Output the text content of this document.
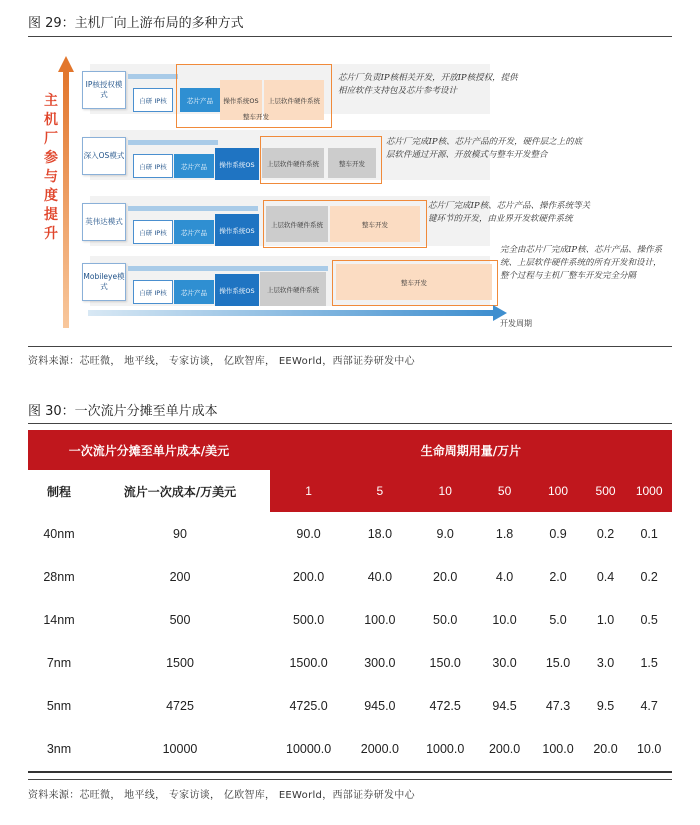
图 29：主机厂向上游布局的多种方式
主机厂参与度提升
IP核授权模式
自研 IP核	芯片产品	操作系统OS	上层软件硬件系统
整车开发
芯片厂负责IP核相关开发，开放IP核授权，提供相应软件支持包及芯片参考设计
深入OS模式
自研 IP核	芯片产品	操作系统OS	上层软件硬件系统	整车开发
芯片厂完成IP核、芯片产品的开发，硬件层之上的底层软件通过开源、开放模式与整车开发整合
英伟达模式
自研 IP核	芯片产品	操作系统OS
上层软件硬件系统	整车开发
芯片厂完成IP核、芯片产品、操作系统等关键环节的开发，由业界开发软硬件系统
Mobileye模式
自研 IP核	芯片产品	操作系统OS	上层软件硬件系统
整车开发
完全由芯片厂完成IP核、芯片产品、操作系统、上层软件硬件系统的所有开发和设计，整个过程与主机厂整车开发完全分隔
开发周期
资料来源：芯旺微， 地平线， 专家访谈， 亿欧智库， EEWorld，西部证券研发中心
图 30：一次流片分摊至单片成本
一次流片分摊至单片成本/美元		生命周期用量/万片						
制程	流片一次成本/万美元	1	5	10	50	100	500	1000
40nm	90	90.0	18.0	9.0	1.8	0.9	0.2	0.1
28nm	200	200.0	40.0	20.0	4.0	2.0	0.4	0.2
14nm	500	500.0	100.0	50.0	10.0	5.0	1.0	0.5
7nm	1500	1500.0	300.0	150.0	30.0	15.0	3.0	1.5
5nm	4725	4725.0	945.0	472.5	94.5	47.3	9.5	4.7
3nm	10000	10000.0	2000.0	1000.0	200.0	100.0	20.0	10.0
资料来源：芯旺微， 地平线， 专家访谈， 亿欧智库， EEWorld，西部证券研发中心
